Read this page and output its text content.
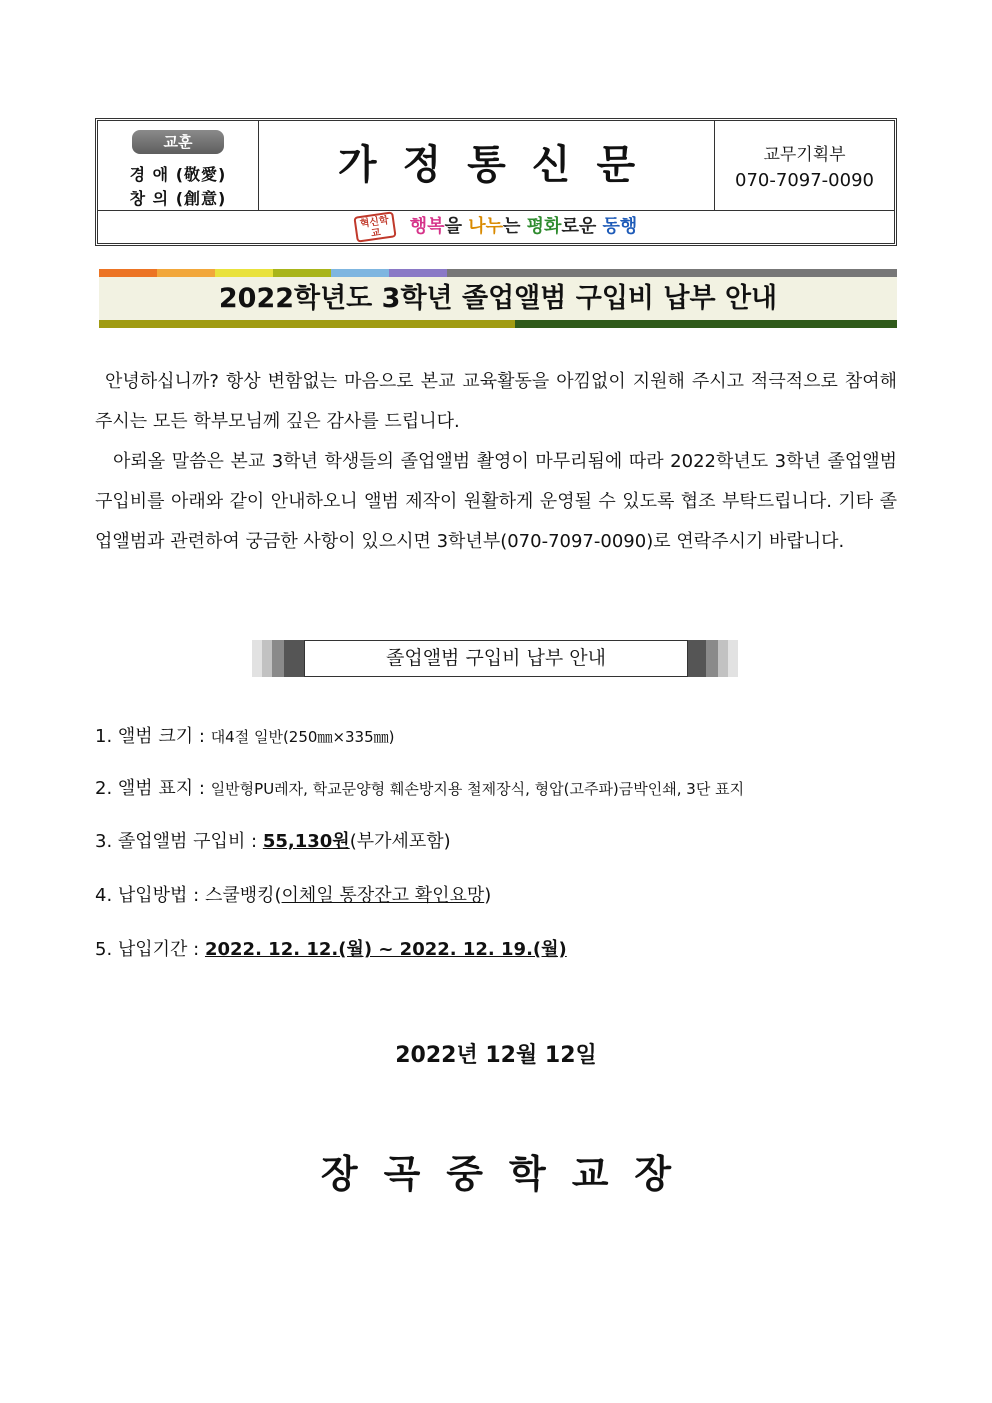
교훈
경 애 (敬愛)
창 의 (創意)
가정통신문	교무기획부
070-7097-0090
혁신학교 행복을 나누는 평화로운 동행
2022학년도 3학년 졸업앨범 구입비 납부 안내
안녕하십니까? 항상 변함없는 마음으로 본교 교육활동을 아낌없이 지원해 주시고 적극적으로 참여해 주시는 모든 학부모님께 깊은 감사를 드립니다.
아뢰올 말씀은 본교 3학년 학생들의 졸업앨범 촬영이 마무리됨에 따라 2022학년도 3학년 졸업앨범 구입비를 아래와 같이 안내하오니 앨범 제작이 원활하게 운영될 수 있도록 협조 부탁드립니다. 기타 졸업앨범과 관련하여 궁금한 사항이 있으시면 3학년부(070-7097-0090)로 연락주시기 바랍니다.
졸업앨범 구입비 납부 안내
1. 앨범 크기 : 대4절 일반(250㎜×335㎜)
2. 앨범 표지 : 일반형PU레자, 학교문양형 훼손방지용 철제장식, 형압(고주파)금박인쇄, 3단 표지
3. 졸업앨범 구입비 : 55,130원(부가세포함)
4. 납입방법 : 스쿨뱅킹(이체일 통장잔고 확인요망)
5. 납입기간 : 2022. 12. 12.(월) ~ 2022. 12. 19.(월)
2022년 12월 12일
장곡중학교장
